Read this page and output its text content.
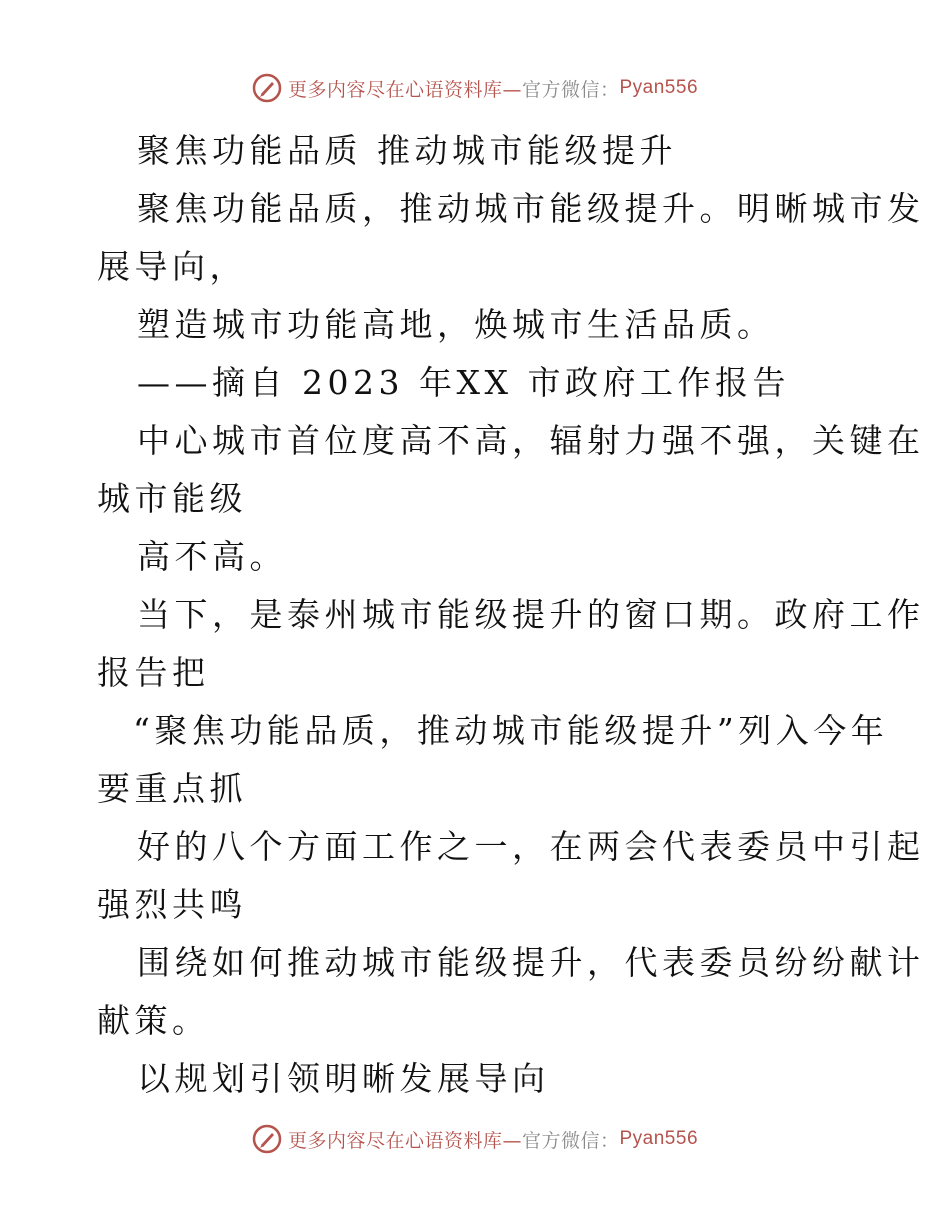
更多内容尽在心语资料库— 官方微信： Pyan556
聚焦功能品质 推动城市能级提升
聚焦功能品质，推动城市能级提升。明晰城市发
展导向，
塑造城市功能高地，焕城市生活品质。
——摘自 2023 年XX 市政府工作报告
中心城市首位度高不高，辐射力强不强，关键在
城市能级
高不高。
当下，是泰州城市能级提升的窗口期。政府工作
报告把
“聚焦功能品质，推动城市能级提升”列入今年
要重点抓
好的八个方面工作之一，在两会代表委员中引起
强烈共鸣
围绕如何推动城市能级提升，代表委员纷纷献计
献策。
以规划引领明晰发展导向
更多内容尽在心语资料库— 官方微信： Pyan556
